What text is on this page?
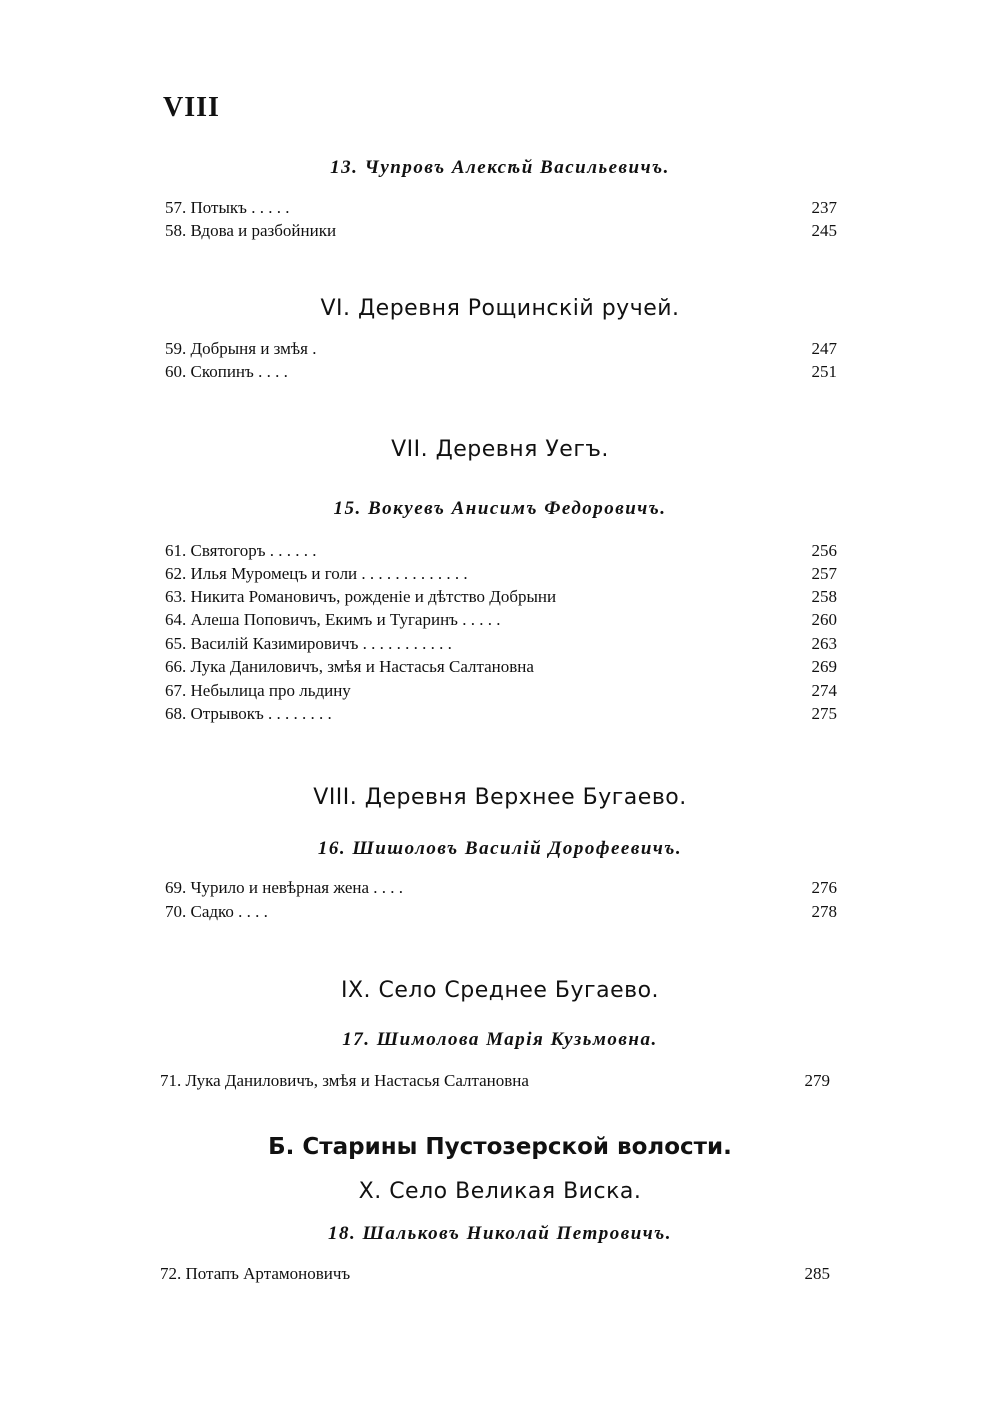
VIII
13. Чупровъ Алексѣй Васильевичъ.
57. Потыкъ . . . . .	237
58. Вдова и разбойники	245
VI. Деревня Рощинскій ручей.
59. Добрыня и змѣя .	247
60. Скопинъ . . . .	251
VII. Деревня Уегъ.
15. Вокуевъ Анисимъ Федоровичъ.
61. Святогоръ . . . . . .	256
62. Илья Муромецъ и голи . . . . . . . . . . . . .	257
63. Никита Романовичъ, рожденіе и дѣтство Добрыни	258
64. Алеша Поповичъ, Екимъ и Тугаринъ . . . . .	260
65. Василій Казимировичъ . . . . . . . . . . .	263
66. Лука Даниловичъ, змѣя и Настасья Салтановна	269
67. Небылица про льдину	274
68. Отрывокъ . . . . . . . .	275
VIII. Деревня Верхнее Бугаево.
16. Шишоловъ Василій Дорофеевичъ.
69. Чурило и невѣрная жена . . . .	276
70. Садко . . . .	278
IX. Село Среднее Бугаево.
17. Шимолова Марія Кузьмовна.
71. Лука Даниловичъ, змѣя и Настасья Салтановна	279
Б. Старины Пустозерской волости.
X. Село Великая Виска.
18. Шальковъ Николай Петровичъ.
72. Потапъ Артамоновичъ	285
